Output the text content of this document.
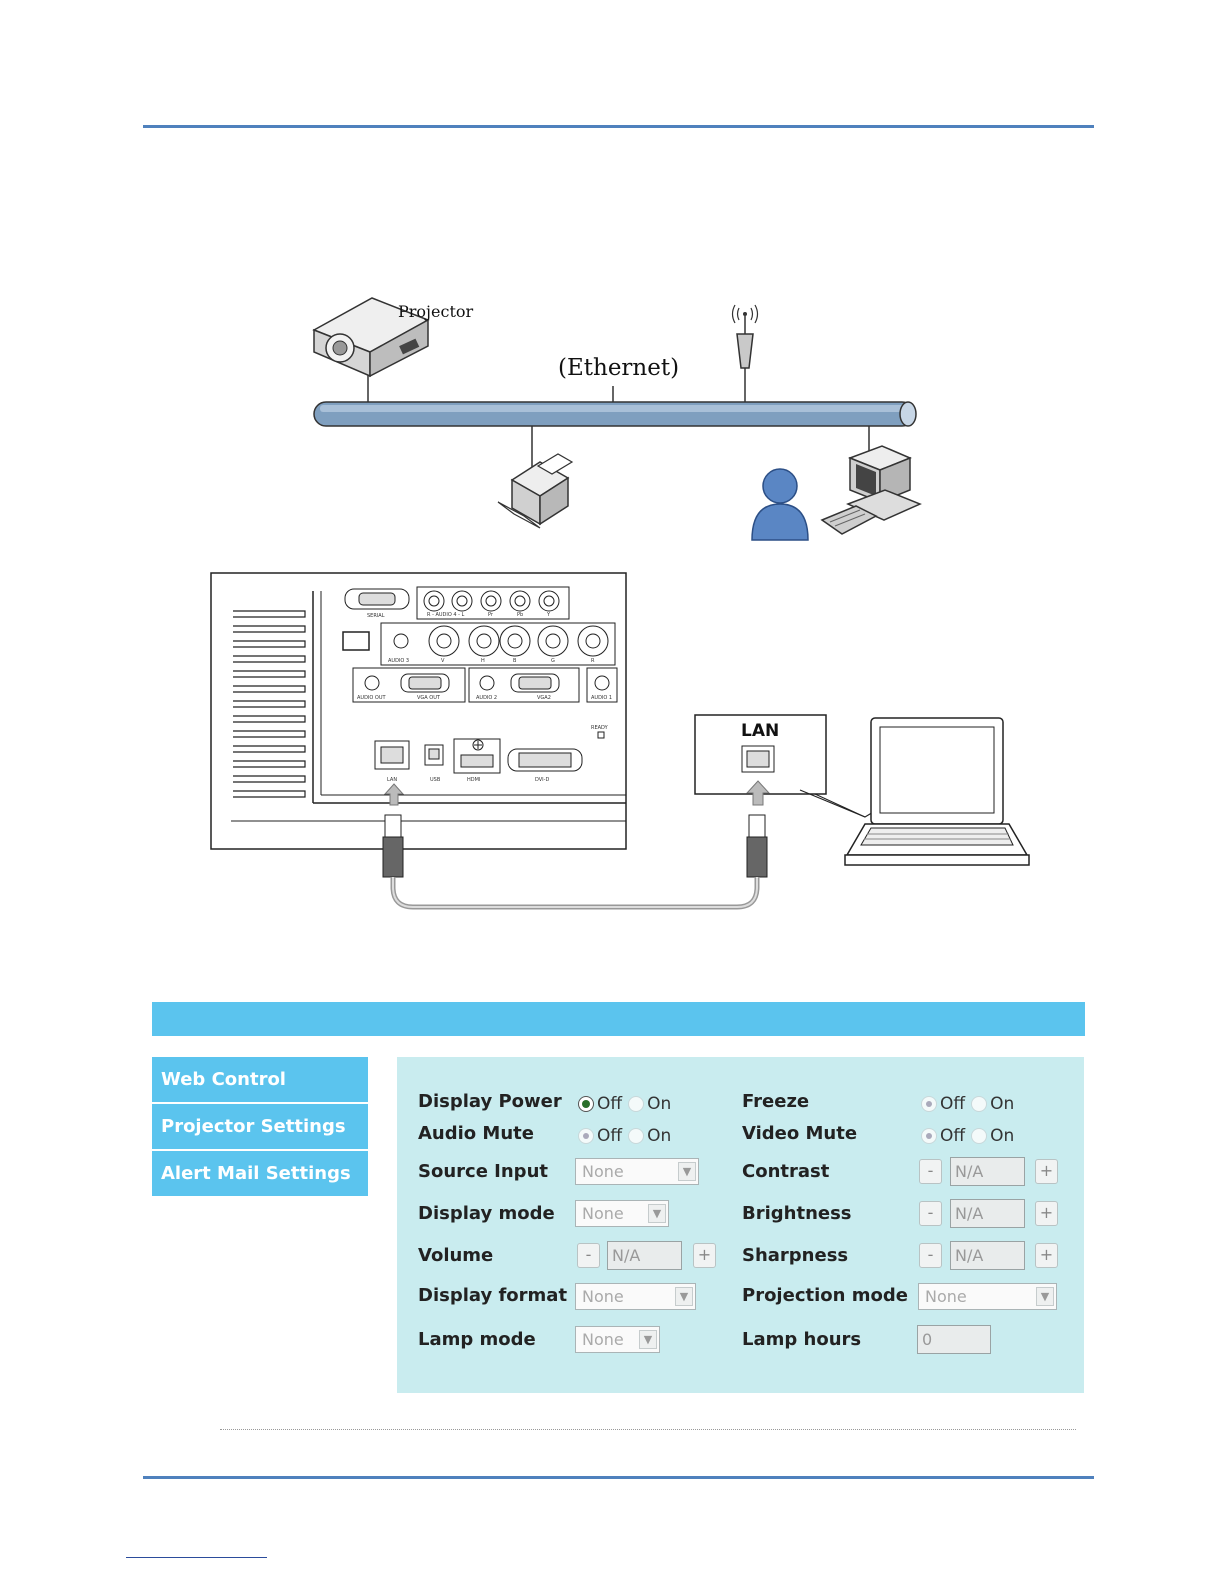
Projector
(Ethernet)
SERIAL	R - AUDIO 4 - L	Pr	Pb	Y
AUDIO 3	V	H	B	G	R
AUDIO OUT	VGA OUT	AUDIO 2	VGA2	AUDIO 1
READY
LAN	USB	HDMI	DVI-D
LAN
Web Control
Projector Settings
Alert Mail Settings
Display Power Off On
Audio Mute	Off On
Source Input	None	▼
Display mode	None	▼
Volume	-	N/A	+
Display format None	▼
Lamp mode	None	▼
Freeze	Off On
Video Mute	Off On
Contrast	-	N/A	+
Brightness	-	N/A	+
Sharpness	-	N/A	+
Projection mode	None	▼
Lamp hours	0
